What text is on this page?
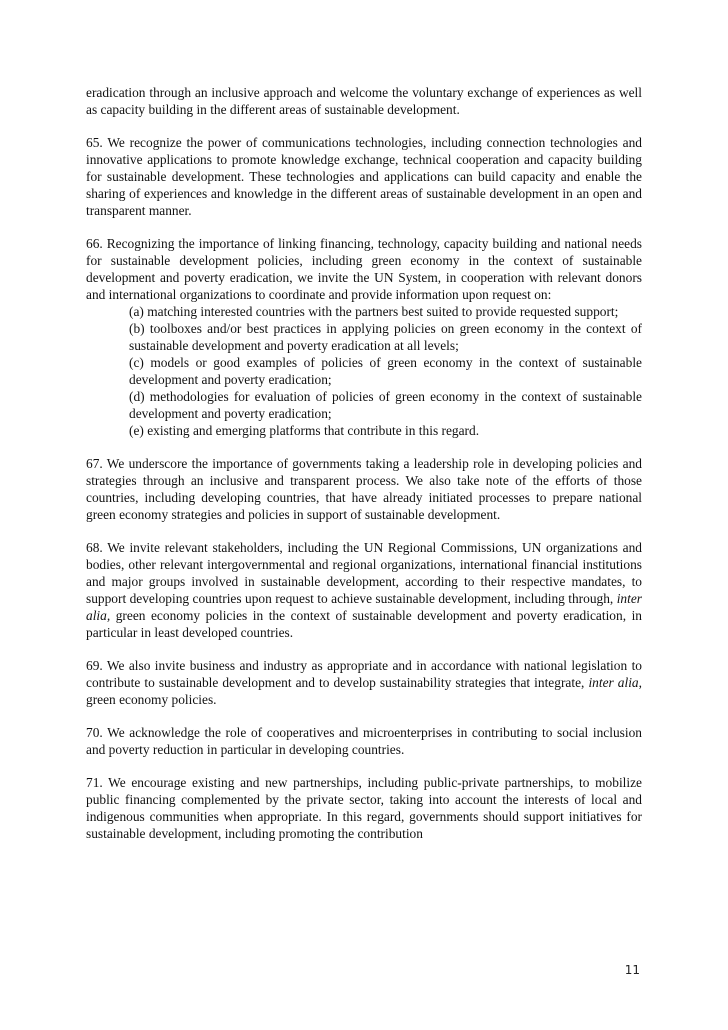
eradication through an inclusive approach and welcome the voluntary exchange of experiences as well as capacity building in the different areas of sustainable development.

65. We recognize the power of communications technologies, including connection technologies and innovative applications to promote knowledge exchange, technical cooperation and capacity building for sustainable development. These technologies and applications can build capacity and enable the sharing of experiences and knowledge in the different areas of sustainable development in an open and transparent manner.

66. Recognizing the importance of linking financing, technology, capacity building and national needs for sustainable development policies, including green economy in the context of sustainable development and poverty eradication, we invite the UN System, in cooperation with relevant donors and international organizations to coordinate and provide information upon request on:

(a) matching interested countries with the partners best suited to provide requested support;

(b) toolboxes and/or best practices in applying policies on green economy in the context of sustainable development and poverty eradication at all levels;

(c) models or good examples of policies of green economy in the context of sustainable development and poverty eradication;

(d) methodologies for evaluation of policies of green economy in the context of sustainable development and poverty eradication;

(e) existing and emerging platforms that contribute in this regard.

67. We underscore the importance of governments taking a leadership role in developing policies and strategies through an inclusive and transparent process. We also take note of the efforts of those countries, including developing countries, that have already initiated processes to prepare national green economy strategies and policies in support of sustainable development.

68. We invite relevant stakeholders, including the UN Regional Commissions, UN organizations and bodies, other relevant intergovernmental and regional organizations, international financial institutions and major groups involved in sustainable development, according to their respective mandates, to support developing countries upon request to achieve sustainable development, including through, inter alia, green economy policies in the context of sustainable development and poverty eradication, in particular in least developed countries.

69. We also invite business and industry as appropriate and in accordance with national legislation to contribute to sustainable development and to develop sustainability strategies that integrate, inter alia, green economy policies.

70. We acknowledge the role of cooperatives and microenterprises in contributing to social inclusion and poverty reduction in particular in developing countries.

71. We encourage existing and new partnerships, including public-private partnerships, to mobilize public financing complemented by the private sector, taking into account the interests of local and indigenous communities when appropriate. In this regard, governments should support initiatives for sustainable development, including promoting the contribution

11
